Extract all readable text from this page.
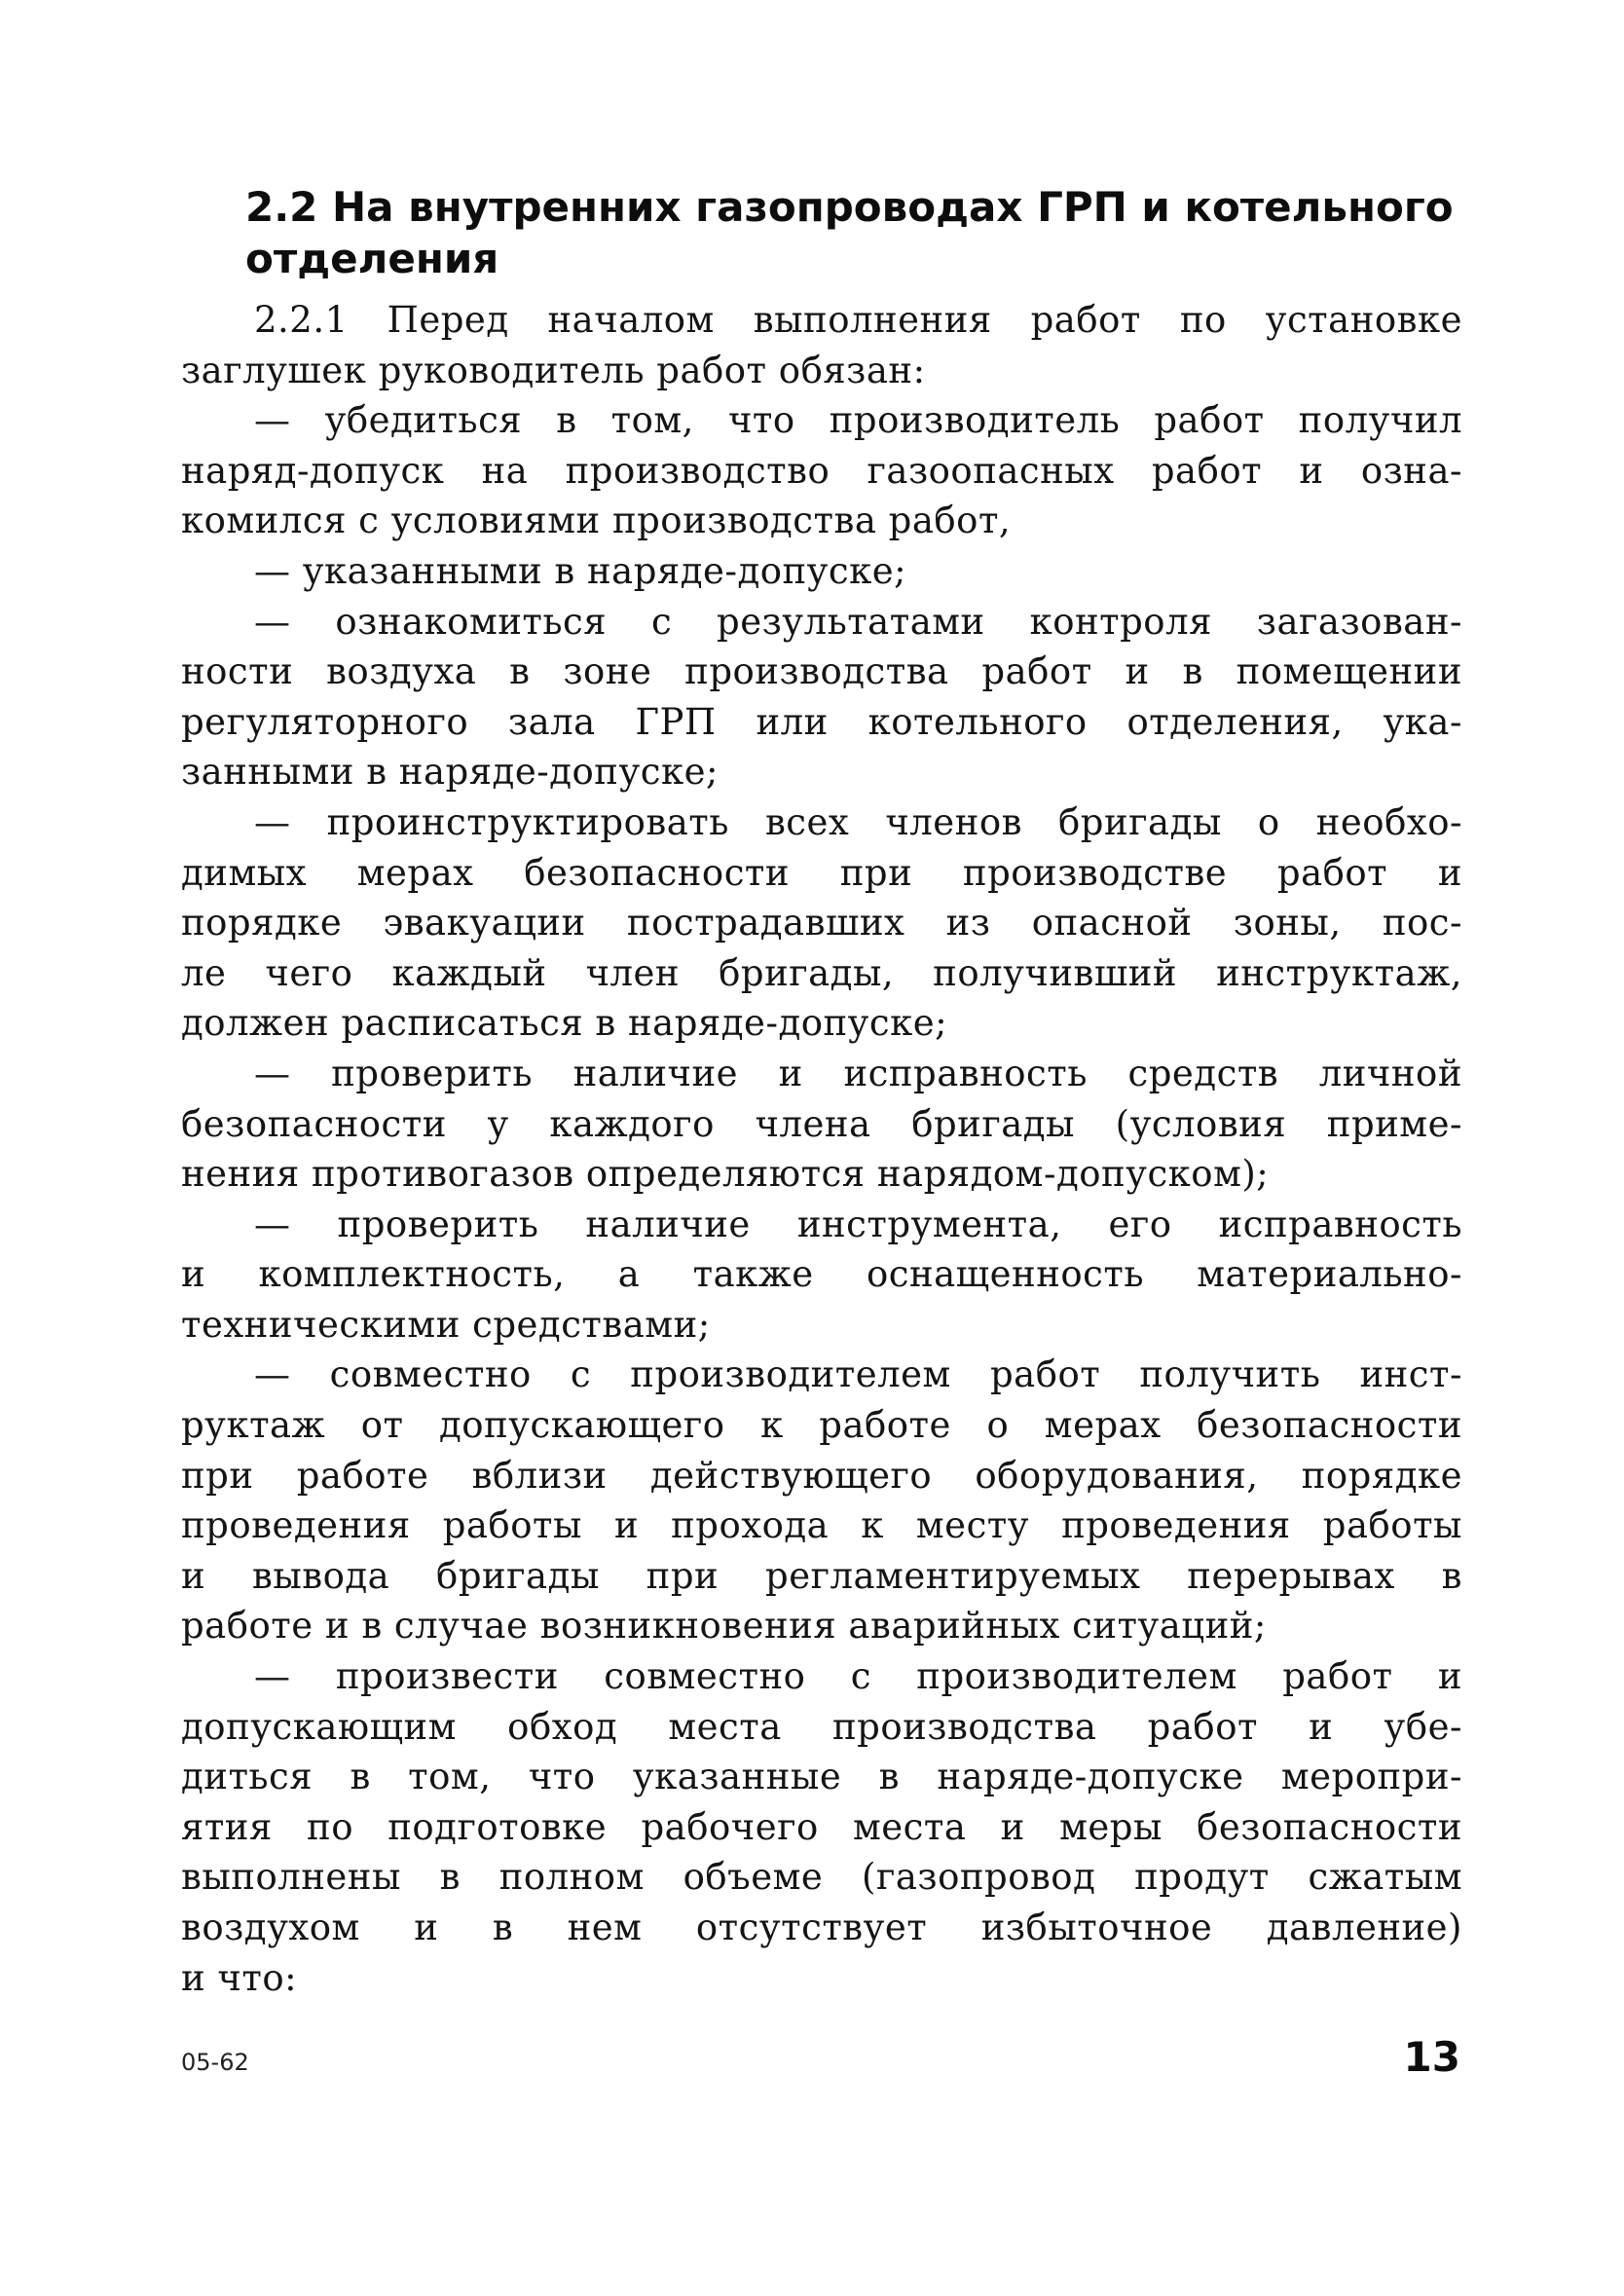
2.2 На внутренних газопроводах ГРП и котельного
отделения
2.2.1 Перед началом выполнения работ по установке
заглушек руководитель работ обязан:
— убедиться в том, что производитель работ получил
наряд-допуск на производство газоопасных работ и озна-
комился с условиями производства работ,
— указанными в наряде-допуске;
— ознакомиться с результатами контроля загазован-
ности воздуха в зоне производства работ и в помещении
регуляторного зала ГРП или котельного отделения, ука-
занными в наряде-допуске;
— проинструктировать всех членов бригады о необхо-
димых мерах безопасности при производстве работ и
порядке эвакуации пострадавших из опасной зоны, пос-
ле чего каждый член бригады, получивший инструктаж,
должен расписаться в наряде-допуске;
— проверить наличие и исправность средств личной
безопасности у каждого члена бригады (условия приме-
нения противогазов определяются нарядом-допуском);
— проверить наличие инструмента, его исправность
и комплектность, а также оснащенность материально-
техническими средствами;
— совместно с производителем работ получить инст-
руктаж от допускающего к работе о мерах безопасности
при работе вблизи действующего оборудования, порядке
проведения работы и прохода к месту проведения работы
и вывода бригады при регламентируемых перерывах в
работе и в случае возникновения аварийных ситуаций;
— произвести совместно с производителем работ и
допускающим обход места производства работ и убе-
диться в том, что указанные в наряде-допуске меропри-
ятия по подготовке рабочего места и меры безопасности
выполнены в полном объеме (газопровод продут сжатым
воздухом и в нем отсутствует избыточное давление)
и что:
05-62	13
